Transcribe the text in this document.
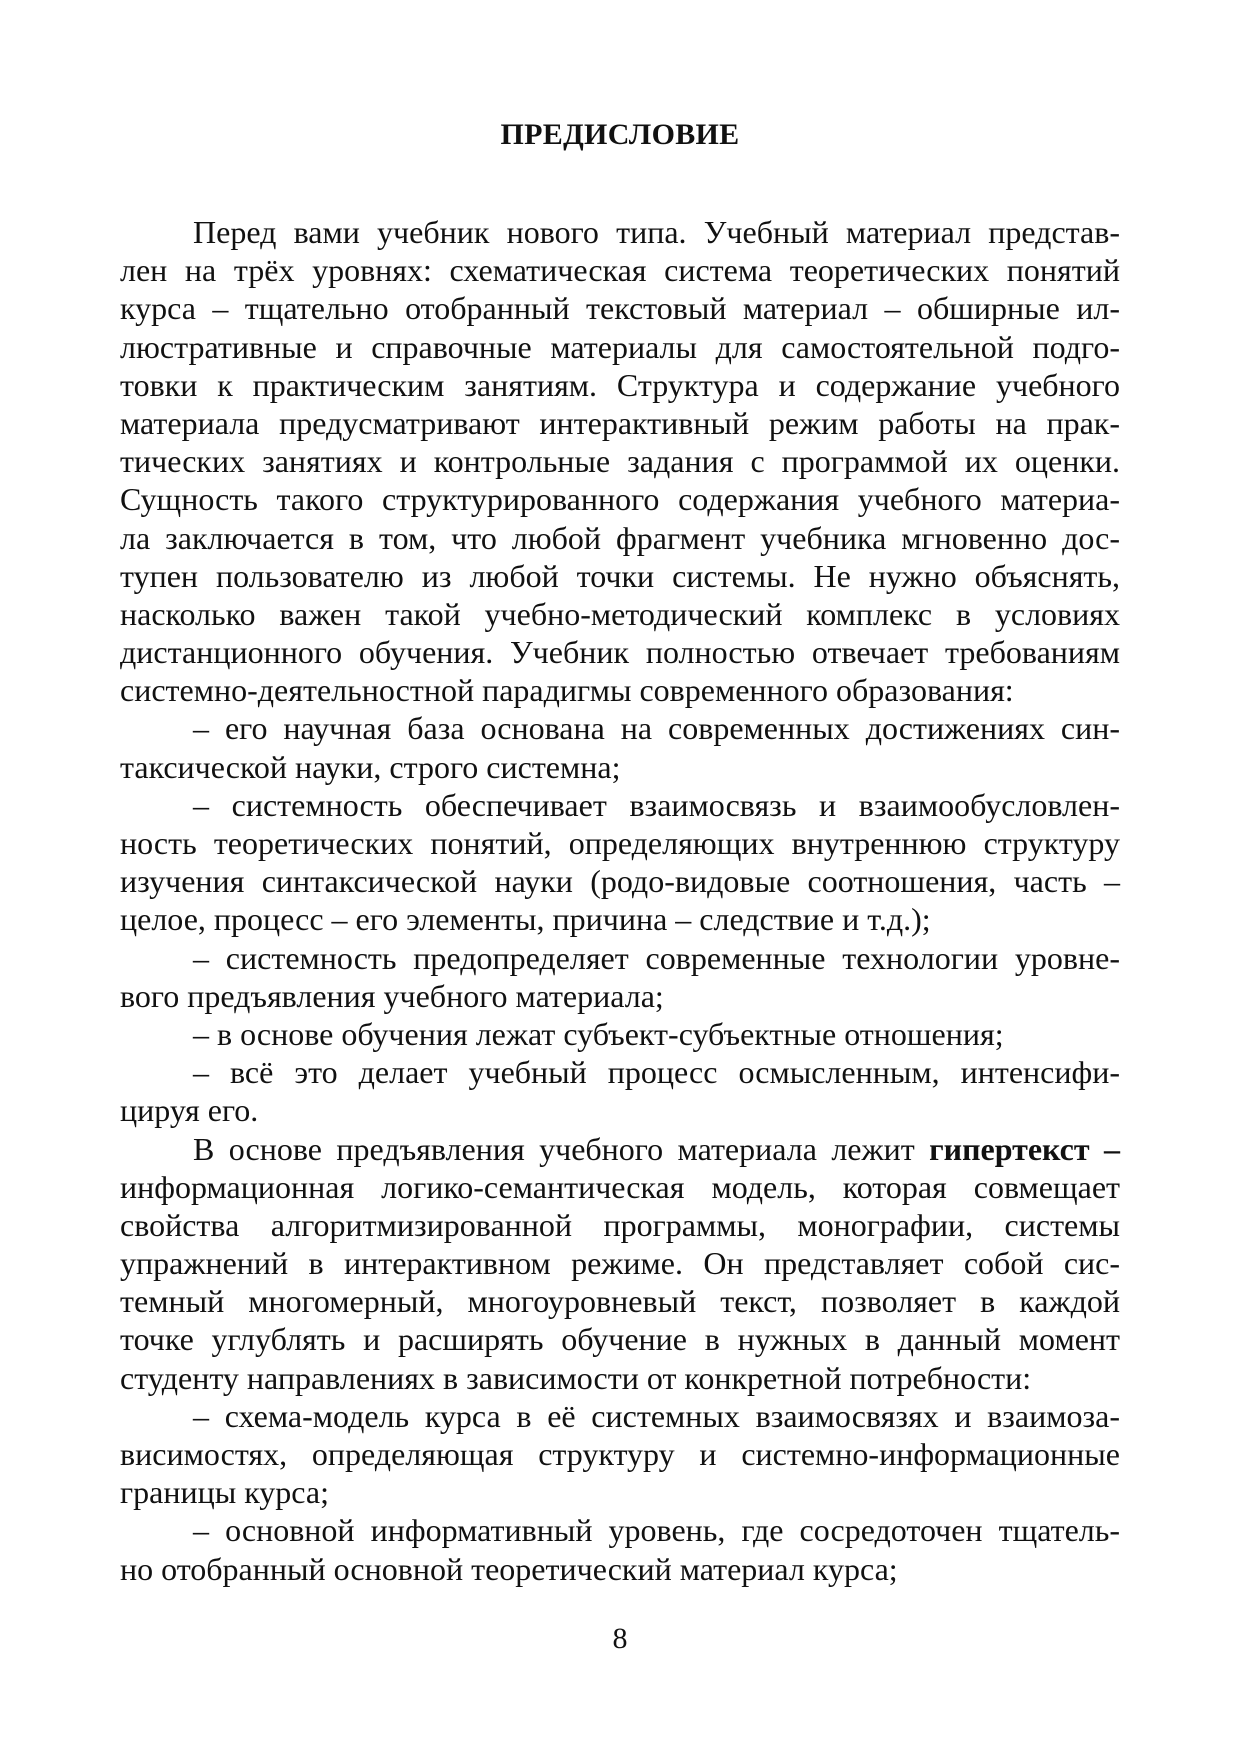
ПРЕДИСЛОВИЕ
Перед вами учебник нового типа. Учебный материал представ-
лен на трёх уровнях: схематическая система теоретических понятий
курса – тщательно отобранный текстовый материал – обширные ил-
люстративные и справочные материалы для самостоятельной подго-
товки к практическим занятиям. Структура и содержание учебного
материала предусматривают интерактивный режим работы на прак-
тических занятиях и контрольные задания с программой их оценки.
Сущность такого структурированного содержания учебного материа-
ла заключается в том, что любой фрагмент учебника мгновенно дос-
тупен пользователю из любой точки системы. Не нужно объяснять,
насколько важен такой учебно-методический комплекс в условиях
дистанционного обучения. Учебник полностью отвечает требованиям
системно-деятельностной парадигмы современного образования:
– его научная база основана на современных достижениях син-
таксической науки, строго системна;
– системность обеспечивает взаимосвязь и взаимообусловлен-
ность теоретических понятий, определяющих внутреннюю структуру
изучения синтаксической науки (родо-видовые соотношения, часть –
целое, процесс – его элементы, причина – следствие и т.д.);
– системность предопределяет современные технологии уровне-
вого предъявления учебного материала;
– в основе обучения лежат субъект-субъектные отношения;
– всё это делает учебный процесс осмысленным, интенсифи-
цируя его.
В основе предъявления учебного материала лежит гипертекст –
информационная логико-семантическая модель, которая совмещает
свойства алгоритмизированной программы, монографии, системы
упражнений в интерактивном режиме. Он представляет собой сис-
темный многомерный, многоуровневый текст, позволяет в каждой
точке углублять и расширять обучение в нужных в данный момент
студенту направлениях в зависимости от конкретной потребности:
– схема-модель курса в её системных взаимосвязях и взаимоза-
висимостях, определяющая структуру и системно-информационные
границы курса;
– основной информативный уровень, где сосредоточен тщатель-
но отобранный основной теоретический материал курса;
8
